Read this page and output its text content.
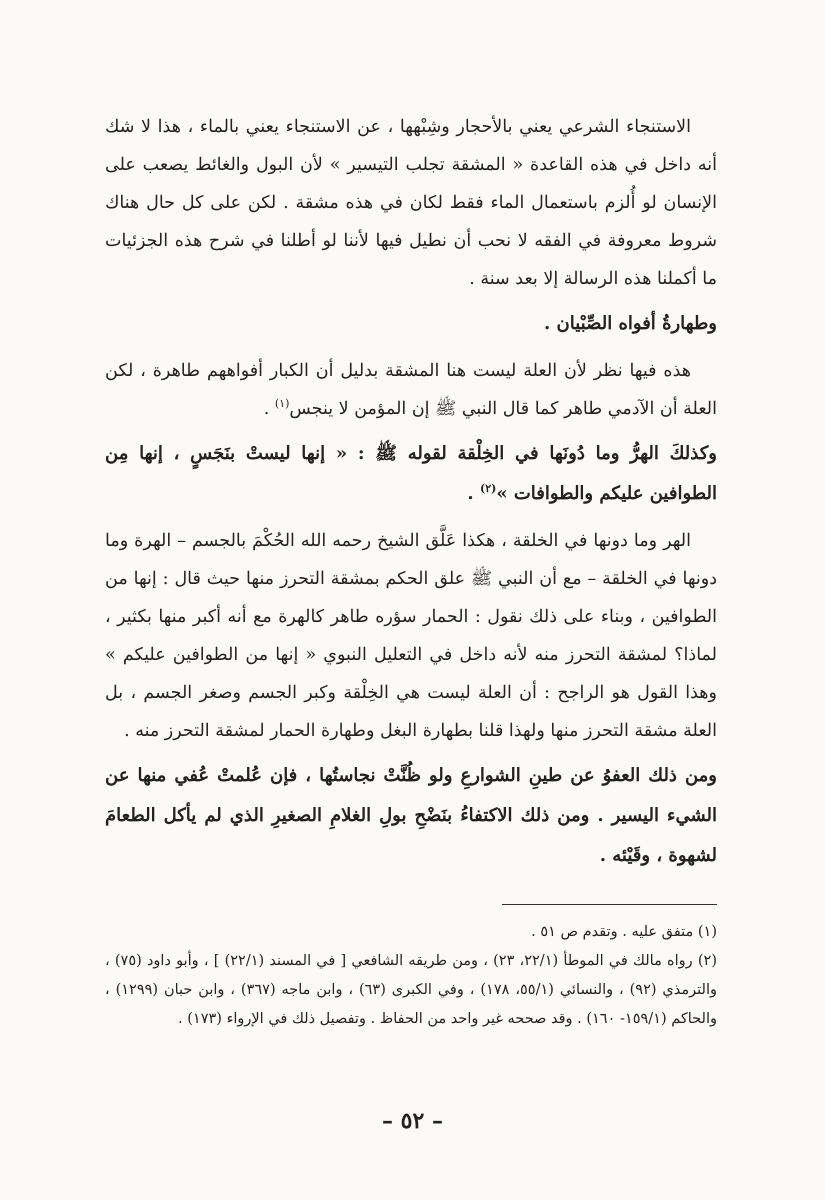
الاستنجاء الشرعي يعني بالأحجار وشِبْهها ، عن الاستنجاء يعني بالماء ، هذا لا شك أنه داخل في هذه القاعدة « المشقة تجلب التيسير » لأن البول والغائط يصعب على الإنسان لو أُلزم باستعمال الماء فقط لكان في هذه مشقة . لكن على كل حال هناك شروط معروفة في الفقه لا نحب أن نطيل فيها لأننا لو أطلنا في شرح هذه الجزئيات ما أكملنا هذه الرسالة إلا بعد سنة .

وطهارةُ أفواه الصِّبْيان .

هذه فيها نظر لأن العلة ليست هنا المشقة بدليل أن الكبار أفواههم طاهرة ، لكن العلة أن الآدمي طاهر كما قال النبي ﷺ إن المؤمن لا ينجس$^{(١)}$ .

وكذلكَ الهرُّ وما دُونَها في الخِلْقة لقوله ﷺ : « إنها ليستْ بنَجَسٍ ، إنها مِن الطوافين عليكم والطوافات »$^{(٢)}$ .

الهر وما دونها في الخلقة ، هكذا عَلَّق الشيخ رحمه الله الحُكْمَ بالجسم – الهرة وما دونها في الخلقة – مع أن النبي ﷺ علق الحكم بمشقة التحرز منها حيث قال : إنها من الطوافين ، وبناء على ذلك نقول : الحمار سؤره طاهر كالهرة مع أنه أكبر منها بكثير ، لماذا؟ لمشقة التحرز منه لأنه داخل في التعليل النبوي « إنها من الطوافين عليكم » وهذا القول هو الراجح : أن العلة ليست هي الخِلْقة وكبر الجسم وصغر الجسم ، بل العلة مشقة التحرز منها ولهذا قلنا بطهارة البغل وطهارة الحمار لمشقة التحرز منه .

ومن ذلك العفوُ عن طينِ الشوارعِ ولو ظُنَّتْ نجاستُها ، فإن عُلمتْ عُفي منها عن الشيء اليسير . ومن ذلك الاكتفاءُ بنَضْحِ بولِ الغلامِ الصغيرِ الذي لم يأكل الطعامَ لشهوة ، وقَيْئه .

(١) متفق عليه . وتقدم ص ٥١ .

(٢) رواه مالك في الموطأ (٢٢/١، ٢٣) ، ومن طريقه الشافعي [ في المسند (٢٢/١) ] ، وأبو داود (٧٥) ، والترمذي (٩٢) ، والنسائي (٥٥/١، ١٧٨) ، وفي الكبرى (٦٣) ، وابن ماجه (٣٦٧) ، وابن حبان (١٢٩٩) ، والحاكم (١٥٩/١- ١٦٠) . وقد صححه غير واحد من الحفاظ . وتفصيل ذلك في الإرواء (١٧٣) .

– ٥٢ –
